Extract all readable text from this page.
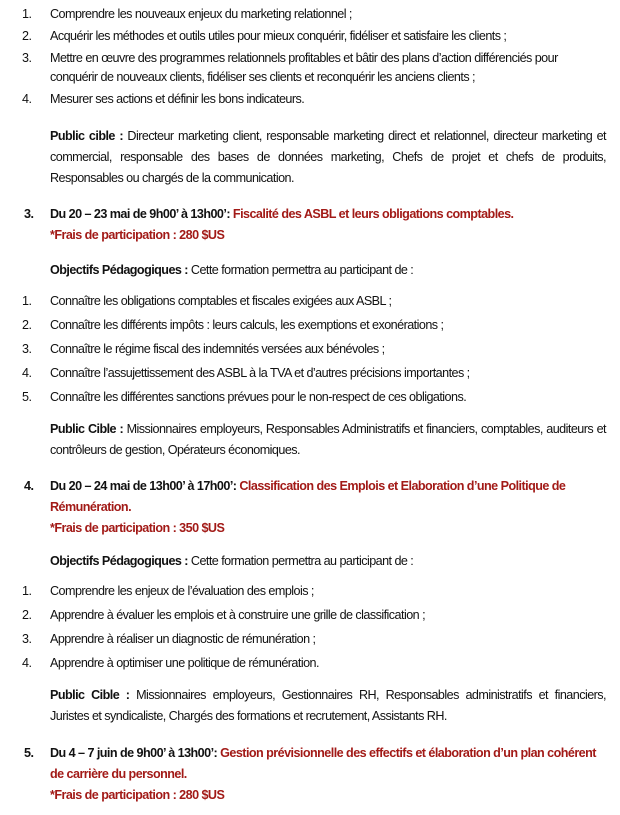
1. Comprendre les nouveaux enjeux du marketing relationnel ;
2. Acquérir les méthodes et outils utiles pour mieux conquérir, fidéliser et satisfaire les clients ;
3. Mettre en œuvre des programmes relationnels profitables et bâtir des plans d’action différenciés pour conquérir de nouveaux clients, fidéliser ses clients et reconquérir les anciens clients ;
4. Mesurer ses actions et définir les bons indicateurs.
Public cible : Directeur marketing client, responsable marketing direct et relationnel, directeur marketing et commercial, responsable des bases de données marketing, Chefs de projet et chefs de produits, Responsables ou chargés de la communication.
3. Du 20 – 23 mai de 9h00’ à 13h00’: Fiscalité des ASBL et leurs obligations comptables.
*Frais de participation : 280 $US
Objectifs Pédagogiques : Cette formation permettra au participant de :
1. Connaître les obligations comptables et fiscales exigées aux ASBL ;
2. Connaître les différents impôts : leurs calculs, les exemptions et exonérations ;
3. Connaître le régime fiscal des indemnités versées aux bénévoles ;
4. Connaître l’assujettissement des ASBL à la TVA et d’autres précisions importantes ;
5. Connaître les différentes sanctions prévues pour le non-respect de ces obligations.
Public Cible : Missionnaires employeurs, Responsables Administratifs et financiers, comptables, auditeurs et contrôleurs de gestion, Opérateurs économiques.
4. Du 20 – 24 mai de 13h00’ à 17h00’: Classification des Emplois et Elaboration d’une Politique de Rémunération.
*Frais de participation : 350 $US
Objectifs Pédagogiques : Cette formation permettra au participant de :
1. Comprendre les enjeux de l’évaluation des emplois ;
2. Apprendre à évaluer les emplois et à construire une grille de classification ;
3. Apprendre à réaliser un diagnostic de rémunération ;
4. Apprendre à optimiser une politique de rémunération.
Public Cible : Missionnaires employeurs, Gestionnaires RH, Responsables administratifs et financiers, Juristes et syndicaliste, Chargés des formations et recrutement, Assistants RH.
5. Du 4 – 7 juin de 9h00’ à 13h00’: Gestion prévisionnelle des effectifs et élaboration d’un plan cohérent de carrière du personnel.
*Frais de participation : 280 $US
